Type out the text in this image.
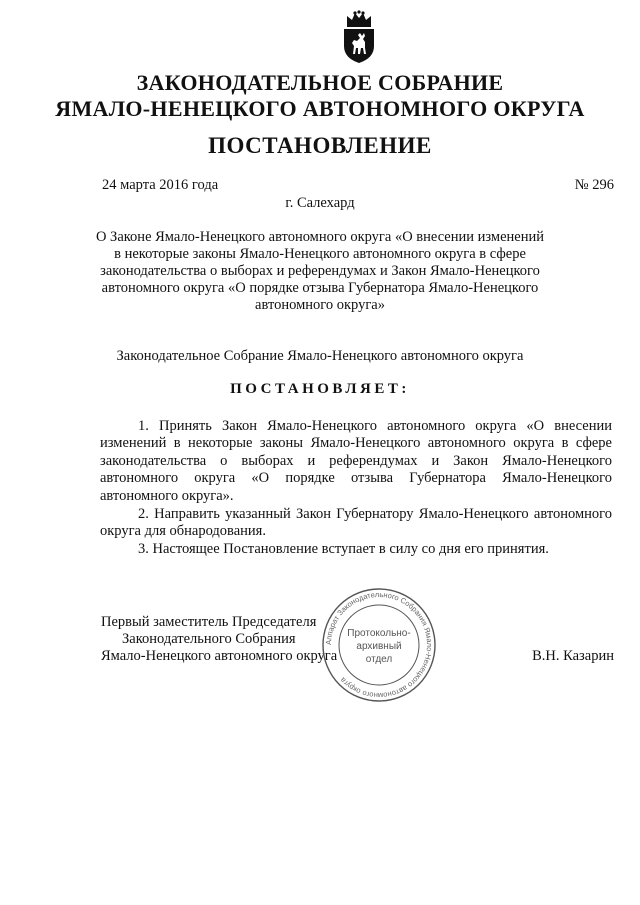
ЗАКОНОДАТЕЛЬНОЕ СОБРАНИЕ
ЯМАЛО-НЕНЕЦКОГО АВТОНОМНОГО ОКРУГА
ПОСТАНОВЛЕНИЕ
24 марта 2016 года	№ 296
г. Салехард
О Законе Ямало-Ненецкого автономного округа «О внесении изменений
в некоторые законы Ямало-Ненецкого автономного округа в сфере
законодательства о выборах и референдумах и Закон Ямало-Ненецкого
автономного округа «О порядке отзыва Губернатора Ямало-Ненецкого
автономного округа»
Законодательное Собрание Ямало-Ненецкого автономного округа
ПОСТАНОВЛЯЕТ:
1. Принять Закон Ямало-Ненецкого автономного округа «О внесении изменений в некоторые законы Ямало-Ненецкого автономного округа в сфере законодательства о выборах и референдумах и Закон Ямало-Ненецкого автономного округа «О порядке отзыва Губернатора Ямало-Ненецкого автономного округа».
2. Направить указанный Закон Губернатору Ямало-Ненецкого автономного округа для обнародования.
3. Настоящее Постановление вступает в силу со дня его принятия.
Первый заместитель Председателя
Законодательного Собрания
Ямало-Ненецкого автономного округа	В.Н. Казарин
Аппарат Законодательного Собрания Ямало-Ненецкого автономного округа
Протокольно-
архивный
отдел
